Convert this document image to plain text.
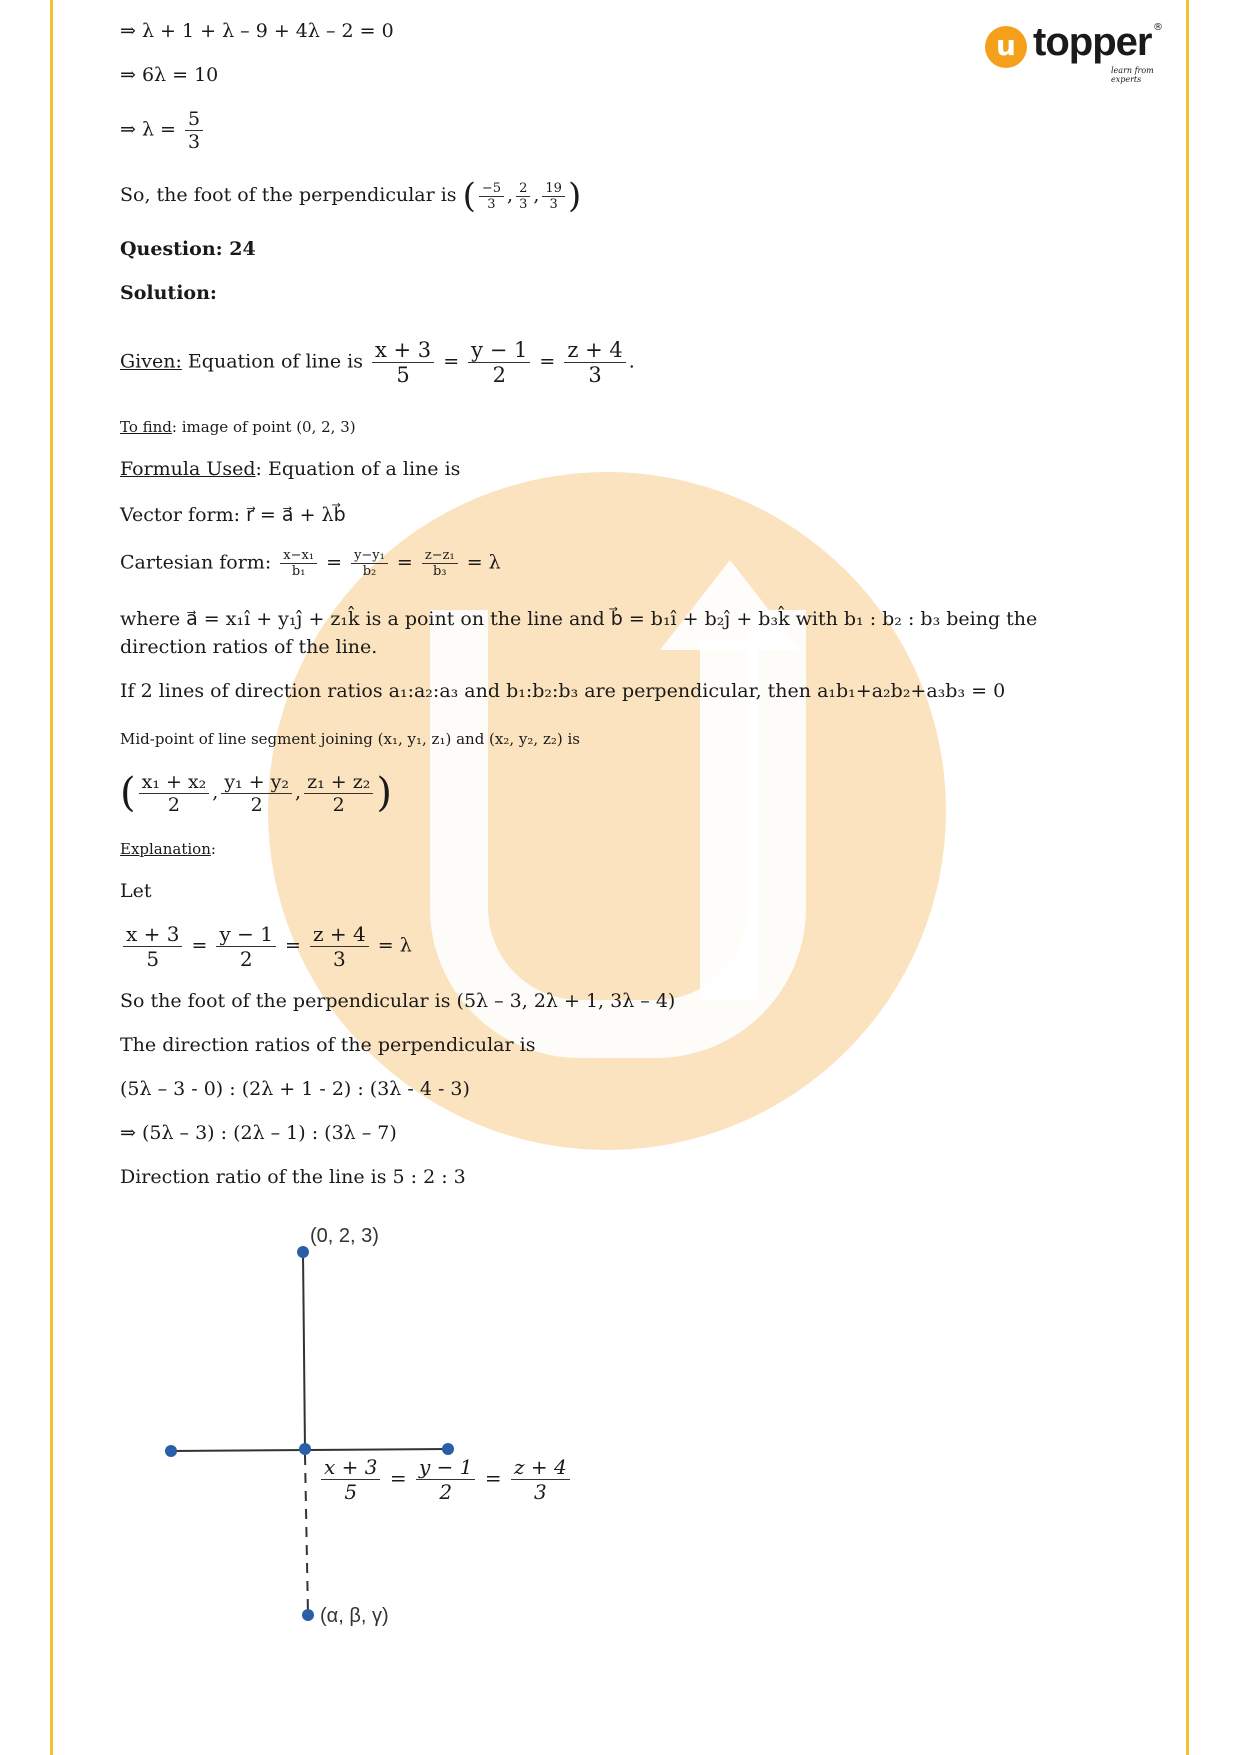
u topper ®
learn from experts
⇒ λ + 1 + λ – 9 + 4λ – 2 = 0
⇒ 6λ = 10
⇒ $\lambda = \frac{5}{3}$
So, the foot of the perpendicular is ( $\frac{-5}{3}$ , $\frac{2}{3}$ , $\frac{19}{3}$ )
Question: 24
Solution:
Given: Equation of line is $\frac{x + 3}{5} = \frac{y - 1}{2} = \frac{z + 4}{3}$ .
To find: image of point (0, 2, 3)
Formula Used: Equation of a line is
Vector form: r⃗ = a⃗ + λb⃗
Cartesian form: $\frac{\text{x−x₁}}{\text{b₁}} = \frac{\text{y−y₁}}{\text{b₂}} = \frac{\text{z−z₁}}{\text{b₃}} = \lambda$
where a⃗ = x₁î + y₁ĵ + z₁k̂ is a point on the line and b⃗ = b₁î + b₂ĵ + b₃k̂ with b₁ : b₂ : b₃ being the
direction ratios of the line.
If 2 lines of direction ratios a₁:a₂:a₃ and b₁:b₂:b₃ are perpendicular, then a₁b₁+a₂b₂+a₃b₃ = 0
Mid-point of line segment joining (x₁, y₁, z₁) and (x₂, y₂, z₂) is
( $\frac{\text{x₁ + x₂}}{2}$ , $\frac{\text{y₁ + y₂}}{2}$ , $\frac{\text{z₁ + z₂}}{2}$ )
Explanation:
Let
$\frac{x + 3}{5} = \frac{y - 1}{2} = \frac{z + 4}{3} = \lambda$
So the foot of the perpendicular is (5λ – 3, 2λ + 1, 3λ – 4)
The direction ratios of the perpendicular is
(5λ – 3 - 0) : (2λ + 1 - 2) : (3λ - 4 - 3)
⇒ (5λ – 3) : (2λ – 1) : (3λ – 7)
Direction ratio of the line is 5 : 2 : 3
(0, 2, 3)
(α, β, γ)
$\frac{x + 3}{5} = \frac{y - 1}{2} = \frac{z + 4}{3}$
